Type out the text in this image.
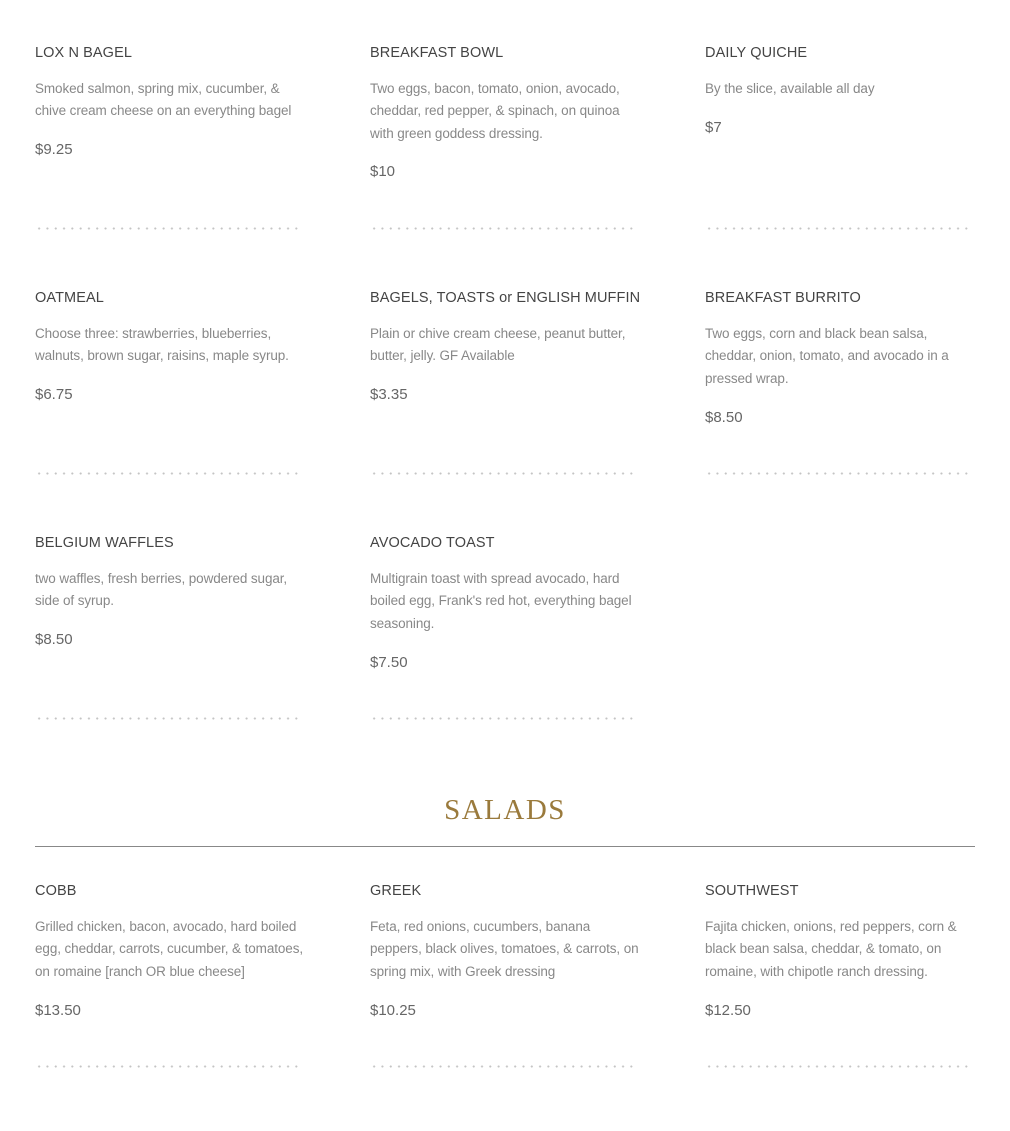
LOX N BAGEL
Smoked salmon, spring mix, cucumber, & chive cream cheese on an everything bagel
$9.25
BREAKFAST BOWL
Two eggs, bacon, tomato, onion, avocado, cheddar, red pepper, & spinach, on quinoa with green goddess dressing.
$10
DAILY QUICHE
By the slice, available all day
$7
OATMEAL
Choose three: strawberries, blueberries, walnuts, brown sugar, raisins, maple syrup.
$6.75
BAGELS, TOASTS or ENGLISH MUFFIN
Plain or chive cream cheese, peanut butter, butter, jelly. GF Available
$3.35
BREAKFAST BURRITO
Two eggs, corn and black bean salsa, cheddar, onion, tomato, and avocado in a pressed wrap.
$8.50
BELGIUM WAFFLES
two waffles, fresh berries, powdered sugar, side of syrup.
$8.50
AVOCADO TOAST
Multigrain toast with spread avocado, hard boiled egg, Frank's red hot, everything bagel seasoning.
$7.50
SALADS
COBB
Grilled chicken, bacon, avocado, hard boiled egg, cheddar, carrots, cucumber, & tomatoes, on romaine [ranch OR blue cheese]
$13.50
GREEK
Feta, red onions, cucumbers, banana peppers, black olives, tomatoes, & carrots, on spring mix, with Greek dressing
$10.25
SOUTHWEST
Fajita chicken, onions, red peppers, corn & black bean salsa, cheddar, & tomato, on romaine, with chipotle ranch dressing.
$12.50
